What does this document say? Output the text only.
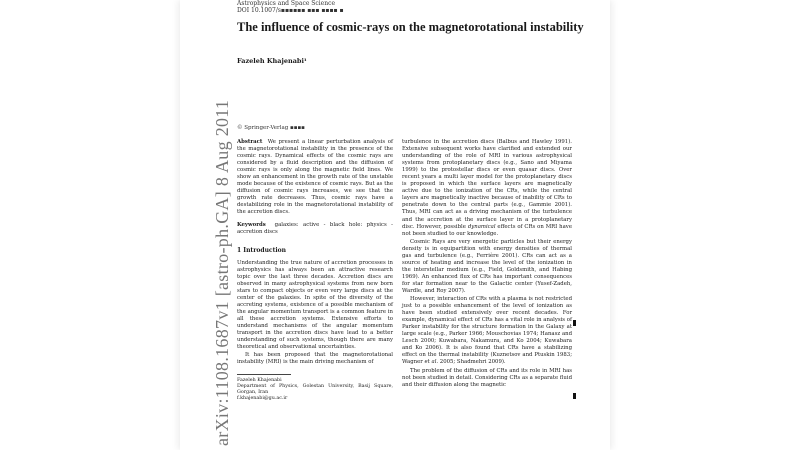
arXiv:1108.1687v1 [astro-ph.GA] 8 Aug 2011
Astrophysics and Space Science
DOI 10.1007/s▪▪▪▪▪▪ ▪▪▪ ▪▪▪▪ ▪
The influence of cosmic-rays on the magnetorotational instability
Fazeleh Khajenabi¹
© Springer-Verlag ▪▪▪▪

Abstract We present a linear perturbation analysis of the magnetorotational instability in the presence of the cosmic rays. Dynamical effects of the cosmic rays are considered by a fluid description and the diffusion of cosmic rays is only along the magnetic field lines. We show an enhancement in the growth rate of the unstable mode because of the existence of cosmic rays. But as the diffusion of cosmic rays increases, we see that the growth rate decreases. Thus, cosmic rays have a destabilizing role in the magnetorotational instability of the accretion discs.

Keywords galaxies: active - black hole: physics - accretion discs

1 Introduction

Understanding the true nature of accretion processes in astrophysics has always been an attractive research topic over the last three decades. Accretion discs are observed in many astrophysical systems from new born stars to compact objects or even very large discs at the center of the galaxies. In spite of the diversity of the accreting systems, existence of a possible mechanism of the angular momentum transport is a common feature in all these accretion systems. Extensive efforts to understand mechanisms of the angular momentum transport in the accretion discs have lead to a better understanding of such systems, though there are many theoretical and observational uncertainties.

It has been proposed that the magnetorotational instability (MRI) is the main driving mechanism of

Fazeleh Khajenabi
Department of Physics, Golestan University, Basij Square, Gorgan, Iran
f.khajenabi@gu.ac.ir

turbulence in the accretion discs (Balbus and Hawley 1991). Extensive subsequent works have clarified and extended our understanding of the role of MRI in various astrophysical systems from protoplanetary discs (e.g., Sano and Miyama 1999) to the protostellar discs or even quasar discs. Over recent years a multi layer model for the protoplanetary discs is proposed in which the surface layers are magnetically active due to the ionization of the CRs, while the central layers are magnetically inactive because of inability of CRs to penetrate down to the central parts (e.g., Gammie 2001). Thus, MRI can act as a driving mechanism of the turbulence and the accretion at the surface layer in a protoplanetary disc. However, possible dynamical effects of CRs on MRI have not been studied to our knowledge.

Cosmic Rays are very energetic particles but their energy density is in equipartition with energy densities of thermal gas and turbulence (e.g., Ferrière 2001). CRs can act as a source of heating and increase the level of the ionization in the interstellar medium (e.g., Field, Goldsmith, and Habing 1969). An enhanced flux of CRs has important consequences for star formation near to the Galactic center (Yusef-Zadeh, Wardle, and Roy 2007).

However, interaction of CRs with a plasma is not restricted just to a possible enhancement of the level of ionization as have been studied extensively over recent decades. For example, dynamical effect of CRs has a vital role in analysis of Parker instability for the structure formation in the Galaxy at large scale (e.g., Parker 1966; Mouschovias 1974; Hanasz and Lesch 2000; Kuwabara, Nakamura, and Ko 2004; Kuwabara and Ko 2006). It is also found that CRs have a stabilizing effect on the thermal instability (Kuznetsov and Ptuskin 1983; Wagner et al. 2005; Shadmehri 2009).

The problem of the diffusion of CRs and its role in MRI has not been studied in detail. Considering CRs as a separate fluid and their diffusion along the magnetic
